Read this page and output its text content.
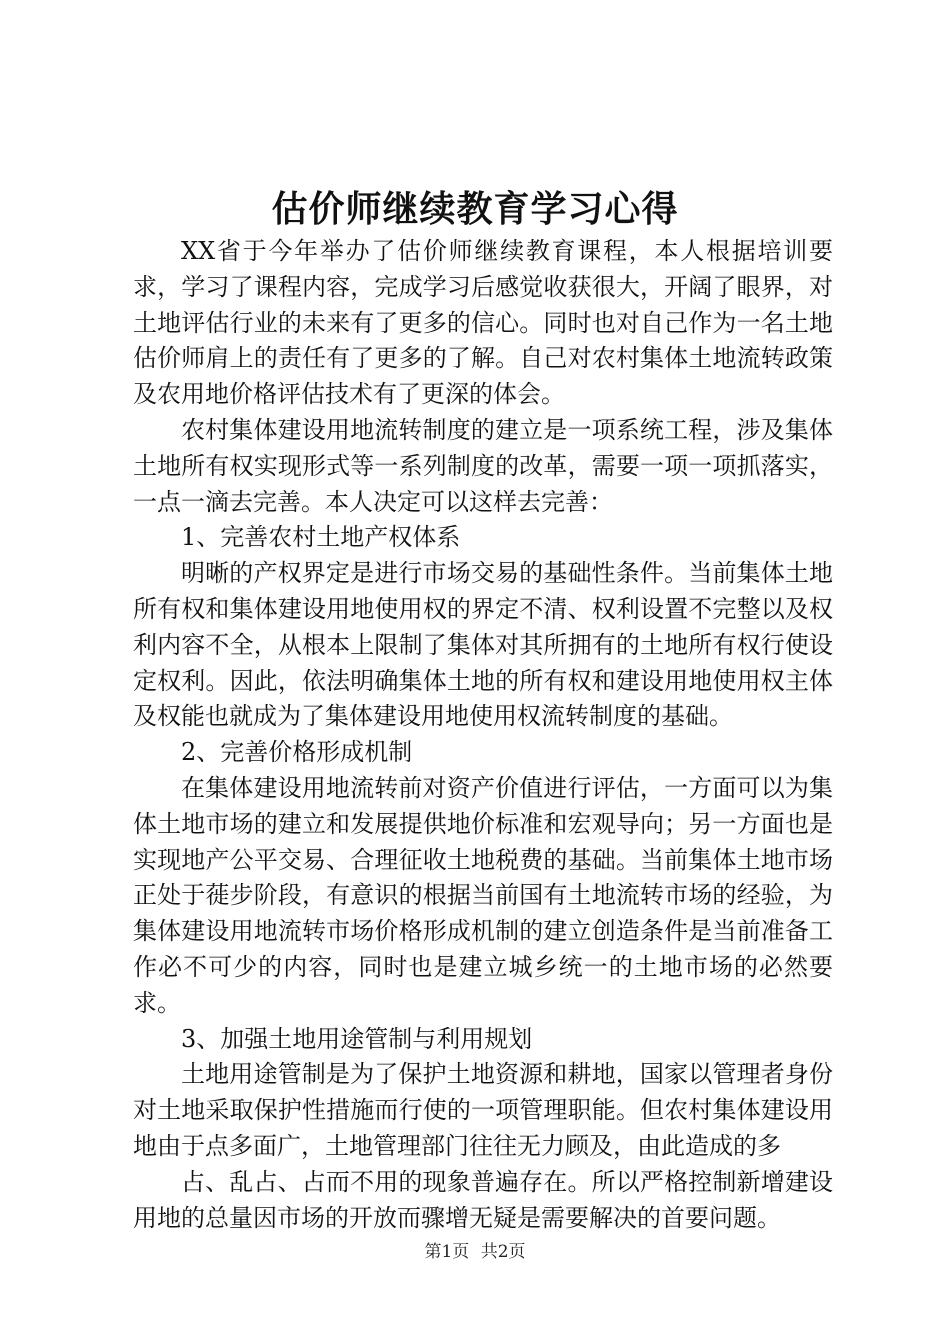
估价师继续教育学习心得

XX省于今年举办了估价师继续教育课程，本人根据培训要求，学习了课程内容，完成学习后感觉收获很大，开阔了眼界，对土地评估行业的未来有了更多的信心。同时也对自己作为一名土地估价师肩上的责任有了更多的了解。自己对农村集体土地流转政策及农用地价格评估技术有了更深的体会。

农村集体建设用地流转制度的建立是一项系统工程，涉及集体土地所有权实现形式等一系列制度的改革，需要一项一项抓落实，一点一滴去完善。本人决定可以这样去完善：

1、完善农村土地产权体系

明晰的产权界定是进行市场交易的基础性条件。当前集体土地所有权和集体建设用地使用权的界定不清、权利设置不完整以及权利内容不全，从根本上限制了集体对其所拥有的土地所有权行使设定权利。因此，依法明确集体土地的所有权和建设用地使用权主体及权能也就成为了集体建设用地使用权流转制度的基础。

2、完善价格形成机制

在集体建设用地流转前对资产价值进行评估，一方面可以为集体土地市场的建立和发展提供地价标准和宏观导向；另一方面也是实现地产公平交易、合理征收土地税费的基础。当前集体土地市场正处于蓰步阶段，有意识的根据当前国有土地流转市场的经验，为集体建设用地流转市场价格形成机制的建立创造条件是当前准备工作必不可少的内容，同时也是建立城乡统一的土地市场的必然要求。

3、加强土地用途管制与利用规划

土地用途管制是为了保护土地资源和耕地，国家以管理者身份对土地采取保护性措施而行使的一项管理职能。但农村集体建设用地由于点多面广，土地管理部门往往无力顾及，由此造成的多

占、乱占、占而不用的现象普遍存在。所以严格控制新增建设用地的总量因市场的开放而骤增无疑是需要解决的首要问题。

第1页 共2页
